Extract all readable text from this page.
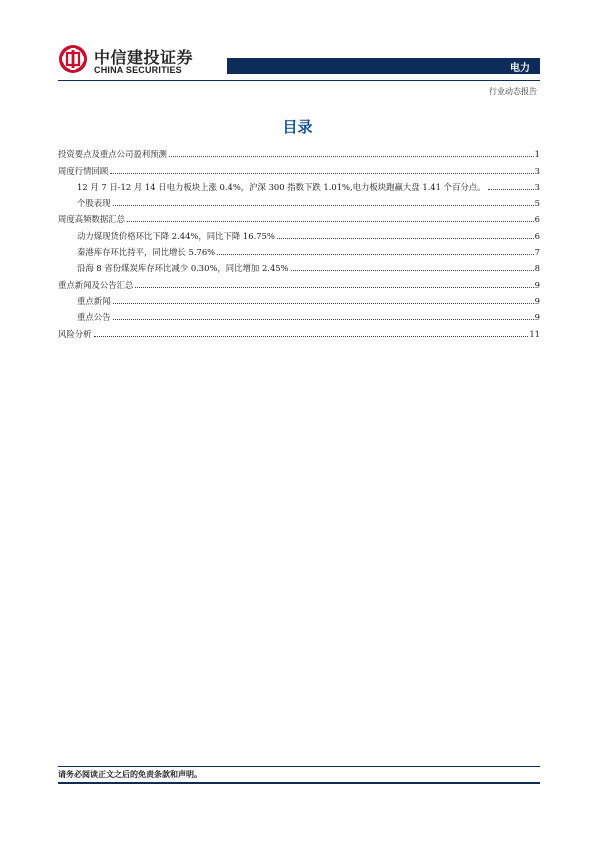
中信建投证券
CHINA SECURITIES	电力
行业动态报告
目录
投资要点及重点公司盈利预测	1
周度行情回顾	3
12 月 7 日-12 月 14 日电力板块上涨 0.4%，沪深 300 指数下跌 1.01%,电力板块跑赢大盘 1.41 个百分点。	3
个股表现	5
周度高频数据汇总	6
动力煤现货价格环比下降 2.44%，同比下降 16.75%	6
秦港库存环比持平，同比增长 5.76%	7
沿海 8 省份煤炭库存环比减少 0.30%，同比增加 2.45%	8
重点新闻及公告汇总	9
重点新闻	9
重点公告	9
风险分析	11
请务必阅读正文之后的免责条款和声明。
